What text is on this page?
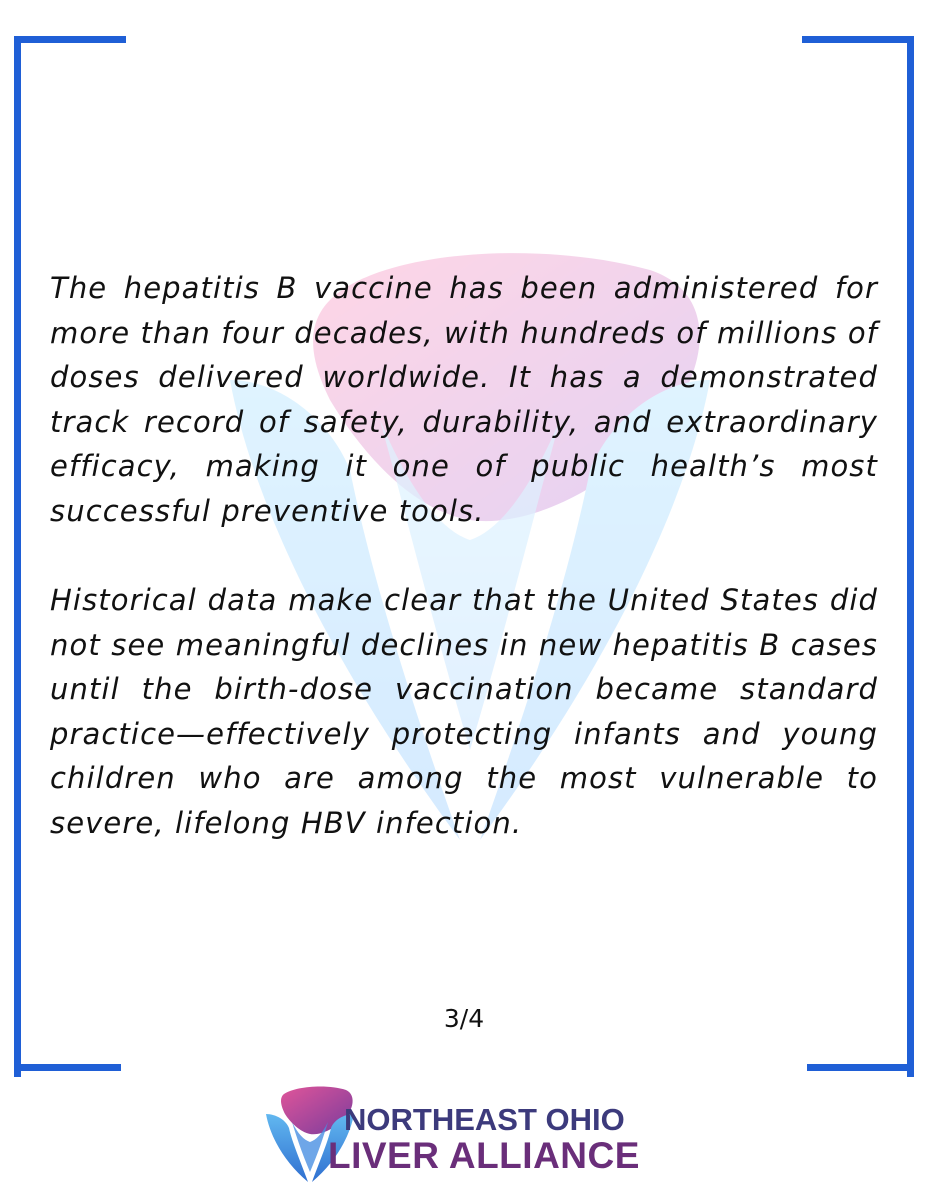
The hepatitis B vaccine has been administered for more than four decades, with hundreds of millions of doses delivered worldwide. It has a demonstrated track record of safety, durability, and extraordinary efficacy, making it one of public health’s most successful preventive tools.

Historical data make clear that the United States did not see meaningful declines in new hepatitis B cases until the birth-dose vaccination became standard practice—effectively protecting infants and young children who are among the most vulnerable to severe, lifelong HBV infection.

3/4
NORTHEAST OHIO
LIVER ALLIANCE
